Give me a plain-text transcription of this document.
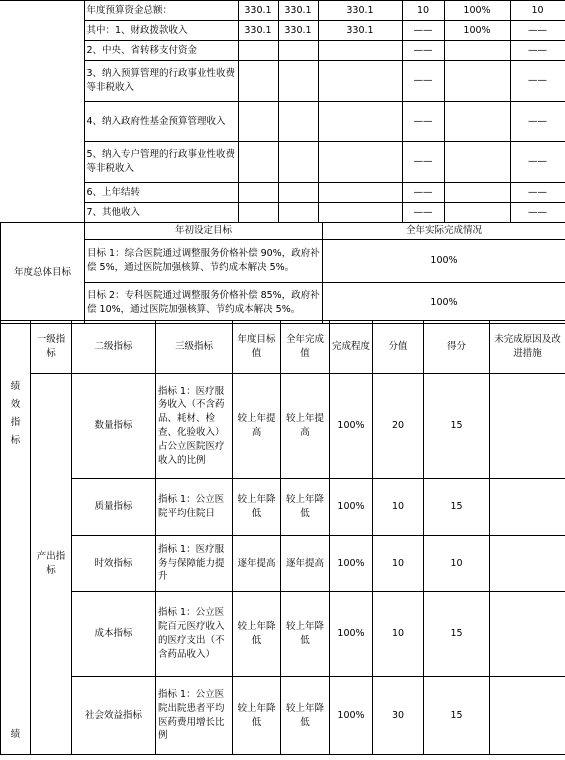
	年度预算资金总额：	330.1	330.1	330.1	10	100%	10
	其中：1、财政拨款收入	330.1	330.1	330.1	——	100%	——
	2、中央、省转移支付资金				——		——
	3、纳入预算管理的行政事业性收费等非税收入				——		——
	4、纳入政府性基金预算管理收入				——		——
	5、纳入专户管理的行政事业性收费等非税收入				——		——
	6、上年结转				——		——
	7、其他收入				——		——
年度总体目标	年初设定目标	全年实际完成情况
	目标 1：综合医院通过调整服务价格补偿 90%，政府补偿 5%，通过医院加强核算、节约成本解决 5%。	100%
	目标 2：专科医院通过调整服务价格补偿 85%，政府补偿 10%，通过医院加强核算、节约成本解决 5%。	100%
	一级指标	二级指标	三级指标	年度目标值	全年完成值	完成程度	分值	得分	未完成原因及改进措施

绩
效
指
标
绩	产出指标	数量指标	指标 1：医疗服务收入（不含药品、耗材、检查、化验收入）占公立医院医疗收入的比例	较上年提高	较上年提高	100%	20	15	
		质量指标	指标 1：公立医院平均住院日	较上年降低	较上年降低	100%	10	15	
		时效指标	指标 1：医疗服务与保障能力提升	逐年提高	逐年提高	100%	10	10	
		成本指标	指标 1：公立医院百元医疗收入的医疗支出（不含药品收入）	较上年降低	较上年降低	100%	10	15	
		社会效益指标	指标 1：公立医院出院患者平均医药费用增长比例	较上年降低	较上年降低	100%	30	15	
